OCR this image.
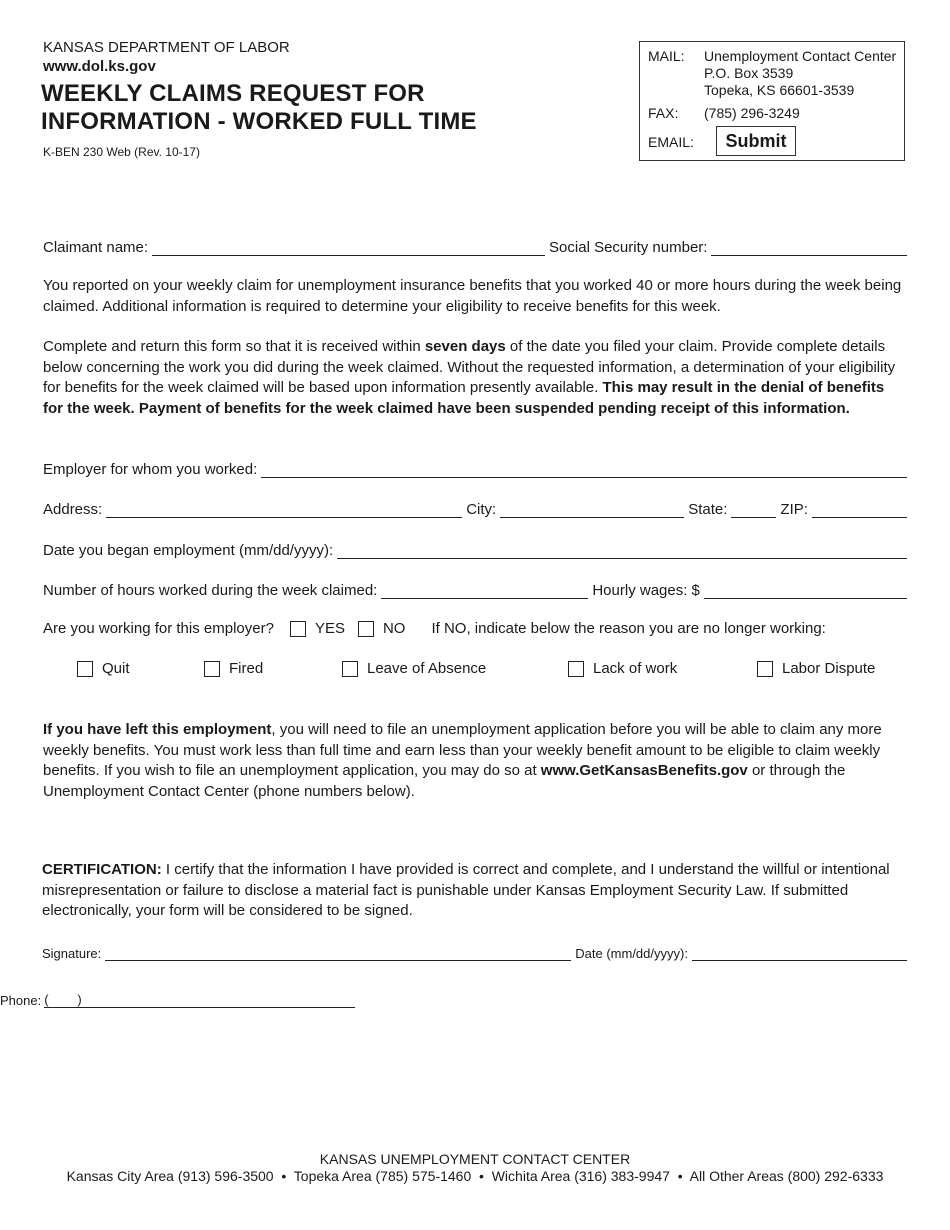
KANSAS DEPARTMENT OF LABOR
www.dol.ks.gov
WEEKLY CLAIMS REQUEST FOR
INFORMATION - WORKED FULL TIME
K-BEN 230 Web (Rev. 10-17)
MAIL: Unemployment Contact Center
P.O. Box 3539
Topeka, KS 66601-3539
FAX: (785) 296-3249
EMAIL:	Submit
Claimant name:	Social Security number:
You reported on your weekly claim for unemployment insurance benefits that you worked 40 or more hours during the week being claimed. Additional information is required to determine your eligibility to receive benefits for this week.
Complete and return this form so that it is received within seven days of the date you filed your claim. Provide complete details below concerning the work you did during the week claimed. Without the requested information, a determination of your eligibility for benefits for the week claimed will be based upon information presently available. This may result in the denial of benefits for the week. Payment of benefits for the week claimed have been suspended pending receipt of this information.
Employer for whom you worked:
Address:	City:	State:	ZIP:
Date you began employment (mm/dd/yyyy):
Number of hours worked during the week claimed:	Hourly wages: $
Are you working for this employer?	YES	NO If NO, indicate below the reason you are no longer working:
Quit	Fired	Leave of Absence	Lack of work	Labor Dispute
If you have left this employment, you will need to file an unemployment application before you will be able to claim any more weekly benefits. You must work less than full time and earn less than your weekly benefit amount to be eligible to claim weekly benefits. If you wish to file an unemployment application, you may do so at www.GetKansasBenefits.gov or through the Unemployment Contact Center (phone numbers below).
CERTIFICATION: I certify that the information I have provided is correct and complete, and I understand the willful or intentional misrepresentation or failure to disclose a material fact is punishable under Kansas Employment Security Law. If submitted electronically, your form will be considered to be signed.
Signature:	Date (mm/dd/yyyy):
Phone: (        )
KANSAS UNEMPLOYMENT CONTACT CENTER
Kansas City Area (913) 596-3500  •  Topeka Area (785) 575-1460  •  Wichita Area (316) 383-9947  •  All Other Areas (800) 292-6333
